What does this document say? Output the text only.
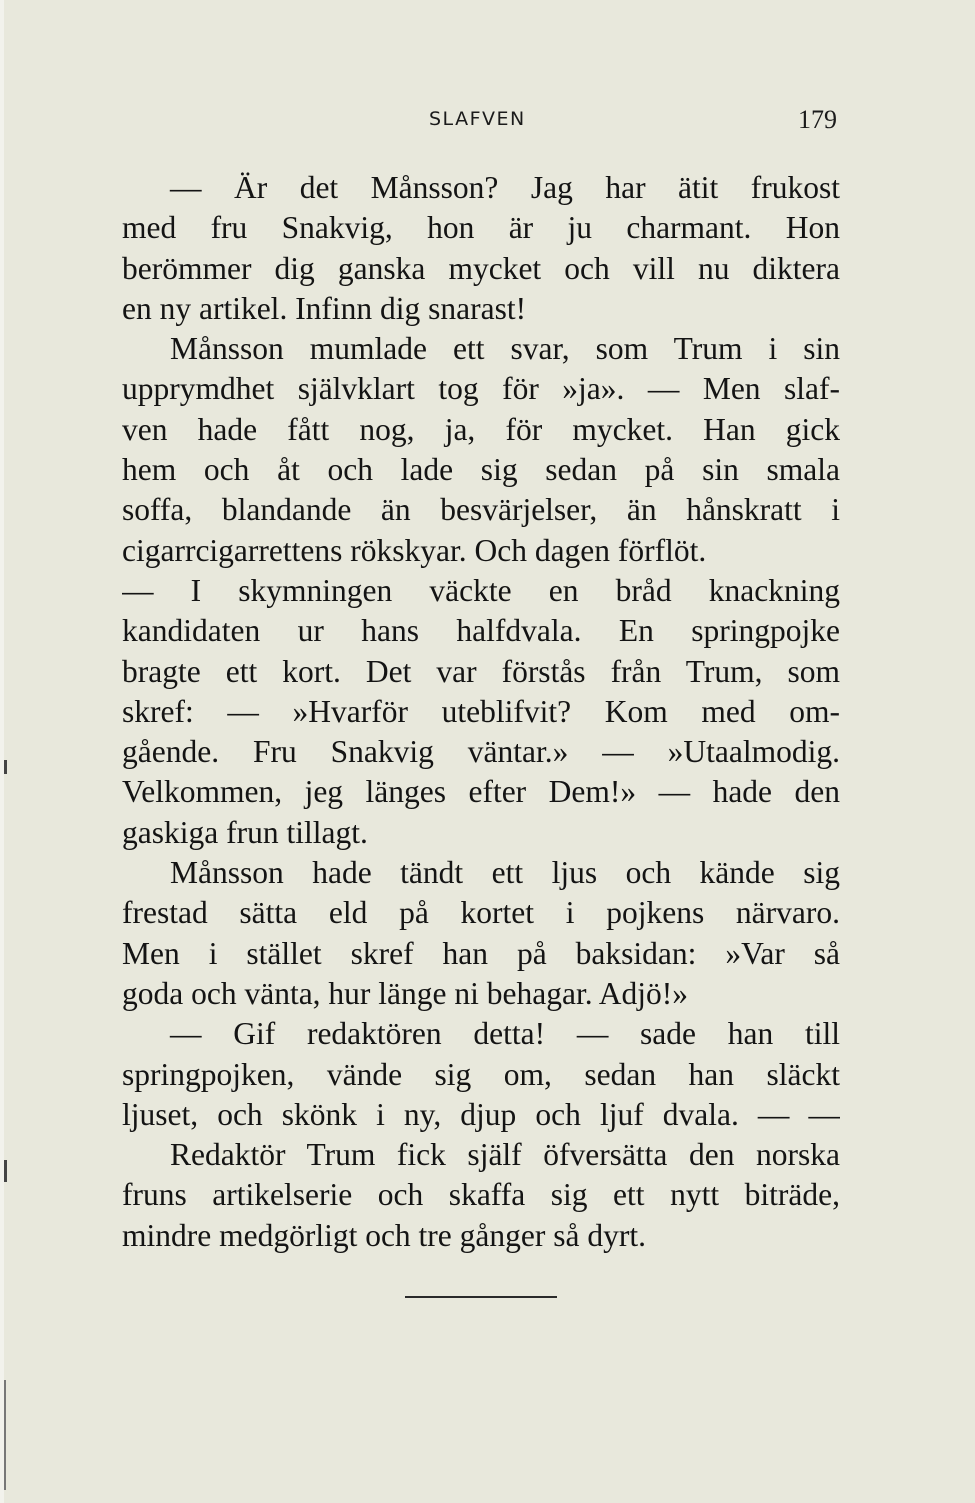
SLAFVEN	179
— Är det Månsson? Jag har ätit frukost
med fru Snakvig, hon är ju charmant. Hon
berömmer dig ganska mycket och vill nu diktera
en ny artikel. Infinn dig snarast!
Månsson mumlade ett svar, som Trum i sin
upprymdhet självklart tog för »ja». — Men slaf-
ven hade fått nog, ja, för mycket. Han gick
hem och åt och lade sig sedan på sin smala
soffa, blandande än besvärjelser, än hånskratt i
cigarrcigarrettens rökskyar. Och dagen förflöt.
— I skymningen väckte en bråd knackning
kandidaten ur hans halfdvala. En springpojke
bragte ett kort. Det var förstås från Trum, som
skref: — »Hvarför uteblifvit? Kom med om-
gående. Fru Snakvig väntar.» — »Utaalmodig.
Velkommen, jeg länges efter Dem!» — hade den
gaskiga frun tillagt.
Månsson hade tändt ett ljus och kände sig
frestad sätta eld på kortet i pojkens närvaro.
Men i stället skref han på baksidan: »Var så
goda och vänta, hur länge ni behagar. Adjö!»
— Gif redaktören detta! — sade han till
springpojken, vände sig om, sedan han släckt
ljuset, och skönk i ny, djup och ljuf dvala. — —
Redaktör Trum fick själf öfversätta den norska
fruns artikelserie och skaffa sig ett nytt biträde,
mindre medgörligt och tre gånger så dyrt.
